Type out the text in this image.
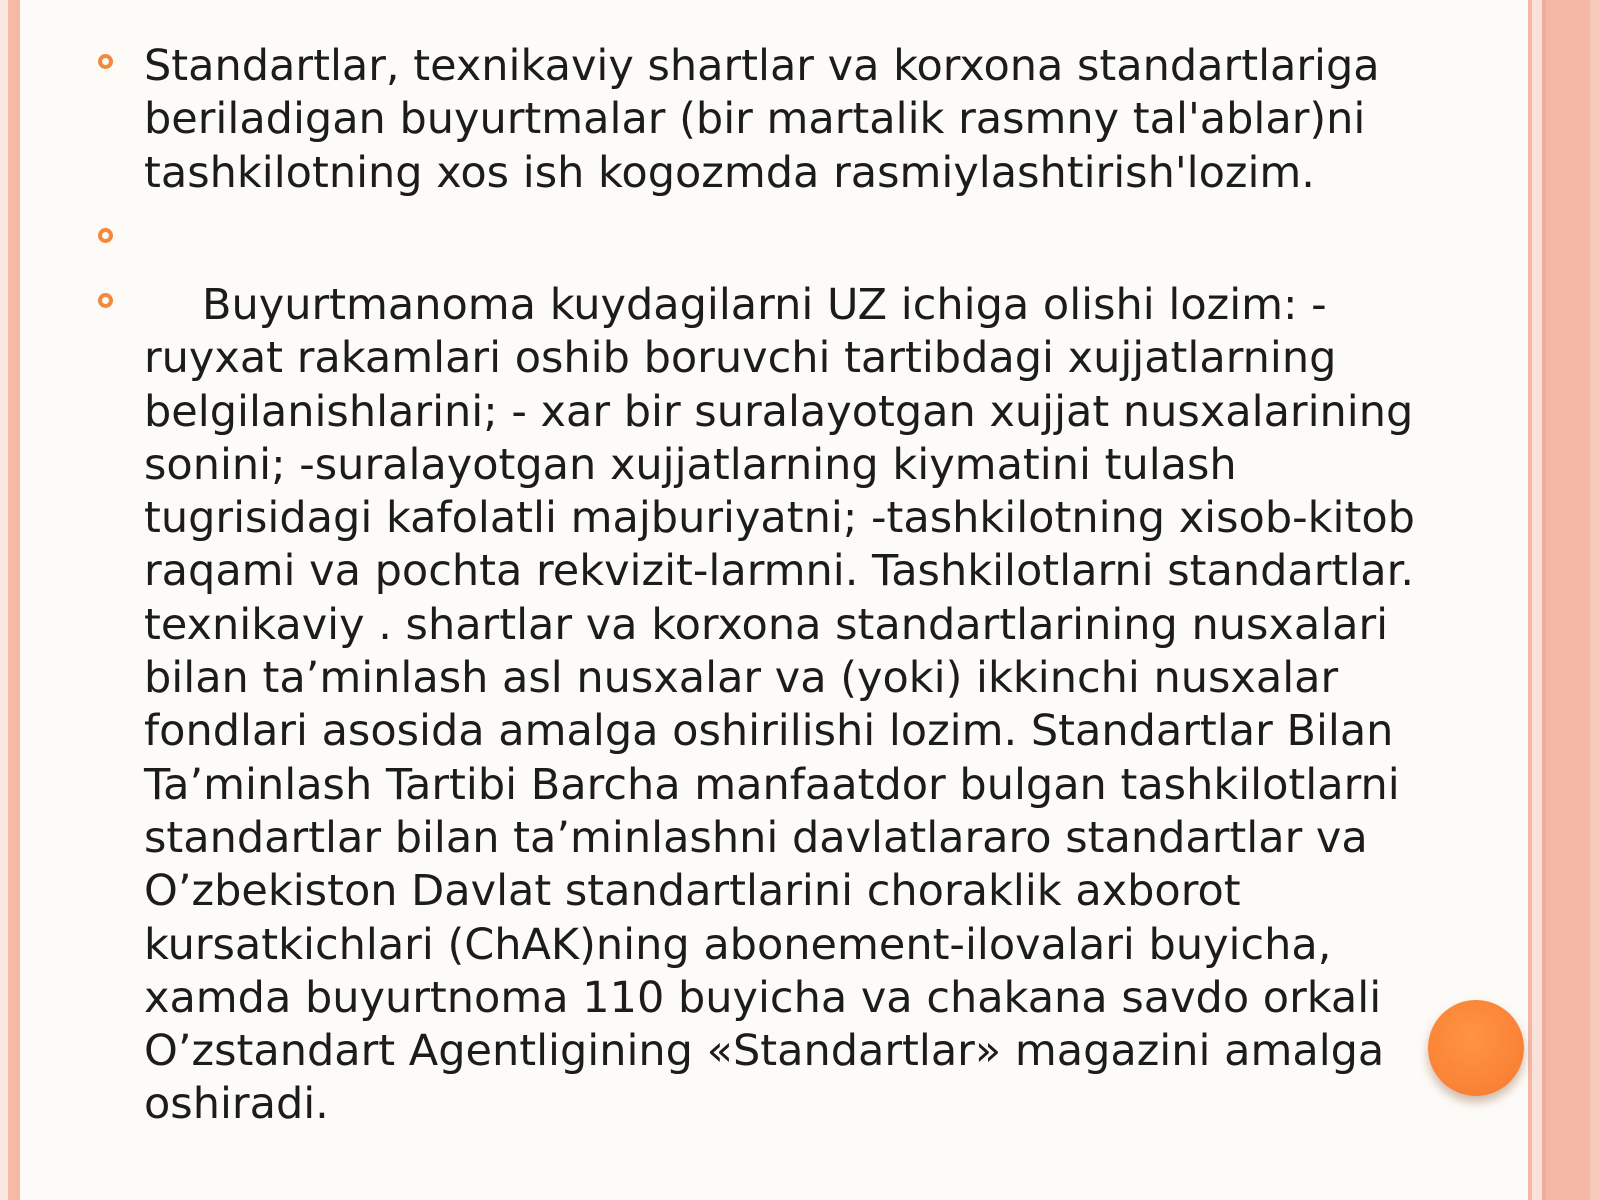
Standartlar, texnikaviy shartlar va korxona standartlariga beriladigan buyurtmalar (bir martalik rasmny tal'ablar)ni tashkilotning xos ish kogozmda rasmiylashtirish'lozim.

Buyurtmanoma kuydagilarni UZ ichiga olishi lozim: - ruyxat rakamlari oshib boruvchi tartibdagi xujjatlarning belgilanishlarini; - xar bir suralayotgan xujjat nusxalarining sonini; -suralayotgan xujjatlarning kiymatini tulash tugrisidagi kafolatli majburiyatni; -tashkilotning xisob-kitob raqami va pochta rekvizit-larmni. Tashkilotlarni standartlar. texnikaviy . shartlar va korxona standartlarining nusxalari bilan ta’minlash asl nusxalar va (yoki) ikkinchi nusxalar fondlari asosida amalga oshirilishi lozim. Standartlar Bilan Ta’minlash Tartibi Barcha manfaatdor bulgan tashkilotlarni standartlar bilan ta’minlashni davlatlararo standartlar va O’zbekiston Davlat standartlarini choraklik axborot kursatkichlari (ChAK)ning abonement-ilovalari buyicha, xamda buyurtnoma 110 buyicha va chakana savdo orkali O’zstandart Agentligining «Standartlar» magazini amalga oshiradi.
